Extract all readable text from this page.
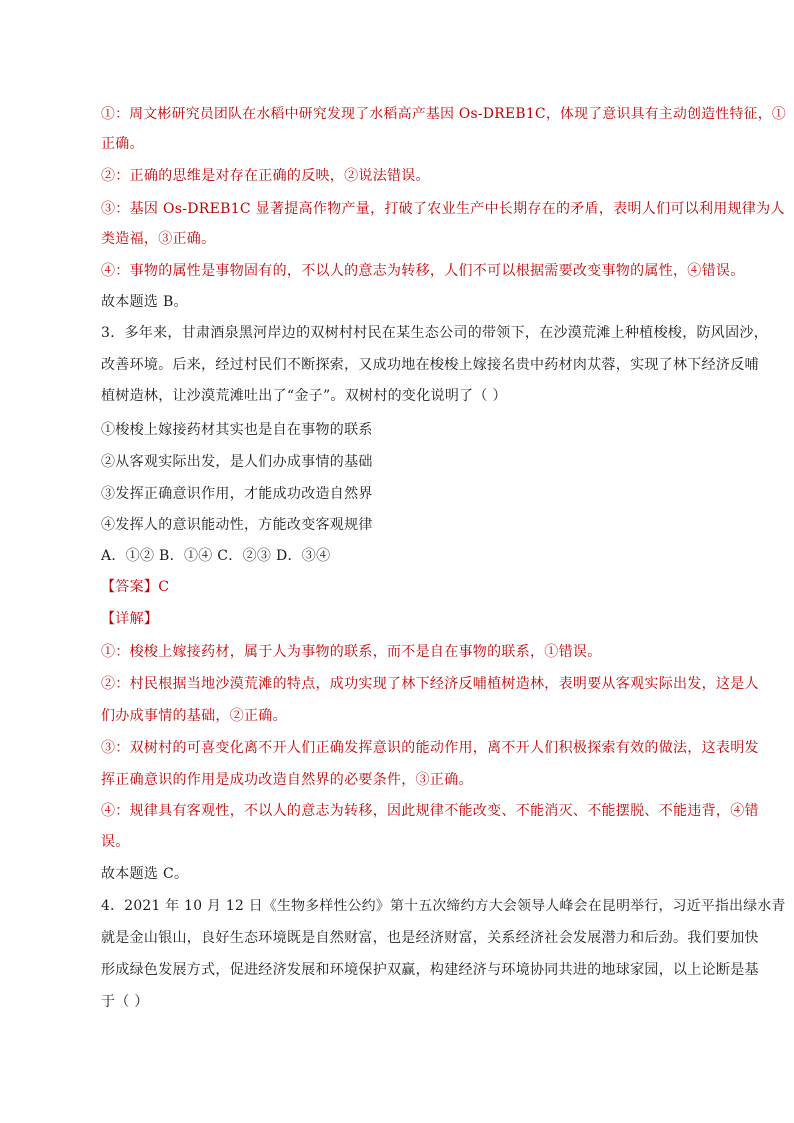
①：周文彬研究员团队在水稻中研究发现了水稻高产基因 Os-DREB1C，体现了意识具有主动创造性特征，①
正确。
②：正确的思维是对存在正确的反映，②说法错误。
③：基因 Os-DREB1C 显著提高作物产量，打破了农业生产中长期存在的矛盾，表明人们可以利用规律为人
类造福，③正确。
④：事物的属性是事物固有的，不以人的意志为转移，人们不可以根据需要改变事物的属性，④错误。
故本题选 B。
3．多年来，甘肃酒泉黑河岸边的双树村村民在某生态公司的带领下，在沙漠荒滩上种植梭梭，防风固沙，
改善环境。后来，经过村民们不断探索，又成功地在梭梭上嫁接名贵中药材肉苁蓉，实现了林下经济反哺
植树造林，让沙漠荒滩吐出了“金子”。双树村的变化说明了（ ）
①梭梭上嫁接药材其实也是自在事物的联系
②从客观实际出发，是人们办成事情的基础
③发挥正确意识作用，才能成功改造自然界
④发挥人的意识能动性，方能改变客观规律
A．①② B．①④ C．②③ D．③④
【答案】C
【详解】
①：梭梭上嫁接药材，属于人为事物的联系，而不是自在事物的联系，①错误。
②：村民根据当地沙漠荒滩的特点，成功实现了林下经济反哺植树造林，表明要从客观实际出发，这是人
们办成事情的基础，②正确。
③：双树村的可喜变化离不开人们正确发挥意识的能动作用，离不开人们积极探索有效的做法，这表明发
挥正确意识的作用是成功改造自然界的必要条件，③正确。
④：规律具有客观性，不以人的意志为转移，因此规律不能改变、不能消灭、不能摆脱、不能违背，④错
误。
故本题选 C。
4．2021 年 10 月 12 日《生物多样性公约》第十五次缔约方大会领导人峰会在昆明举行，习近平指出绿水青
就是金山银山，良好生态环境既是自然财富，也是经济财富，关系经济社会发展潜力和后劲。我们要加快
形成绿色发展方式，促进经济发展和环境保护双赢，构建经济与环境协同共进的地球家园，以上论断是基
于（ ）
